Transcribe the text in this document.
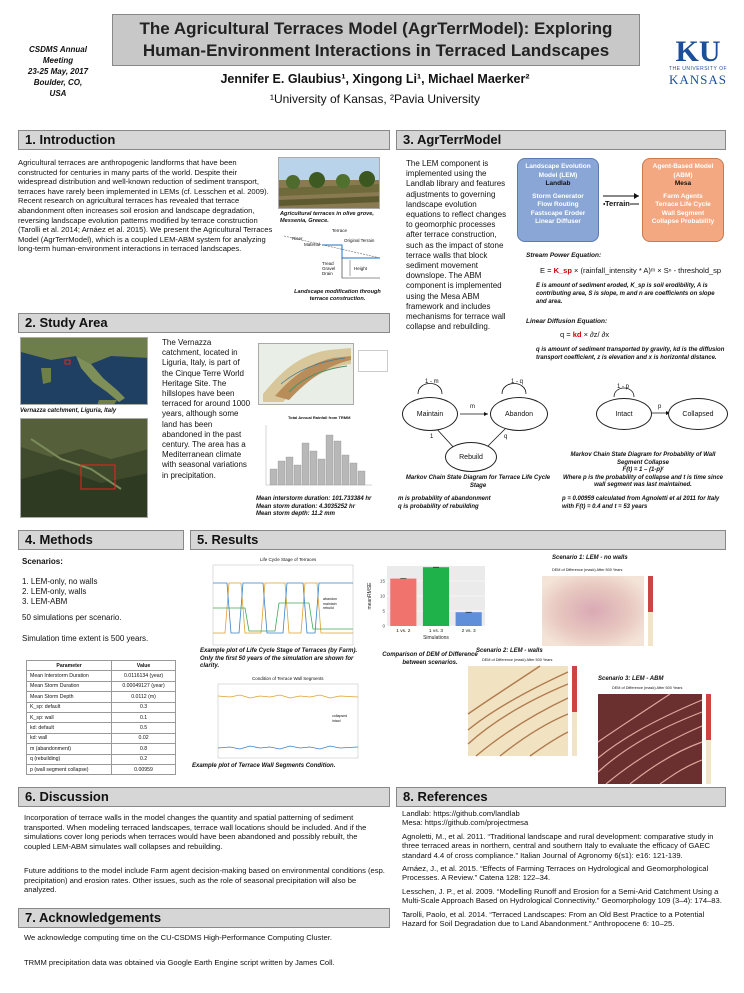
CSDMS Annual
Meeting
23-25 May, 2017
Boulder, CO,
USA
The Agricultural Terraces Model (AgrTerrModel): Exploring
Human-Environment Interactions in Terraced Landscapes
Jennifer E. Glaubius¹, Xingong Li¹, Michael Maerker²
¹University of Kansas, ²Pavia University
KU
THE UNIVERSITY OF
KANSAS
1. Introduction
Agricultural terraces are anthropogenic landforms that have been constructed for centuries in many parts of the world. Despite their widespread distribution and well-known reduction of sediment transport, terraces have rarely been implemented in LEMs (cf. Lesschen et al. 2009). Recent research on agricultural terraces has revealed that terrace abandonment often increases soil erosion and landscape degradation, reversing landscape evolution patterns modified by terrace construction (Tarolli et al. 2014; Arnáez et al. 2015). We present the Agricultural Terraces Model (AgrTerrModel), which is a coupled LEM-ABM system for analyzing long-term human-environment interactions in terraced landscapes.
Agricultural terraces in olive grove, Messenia, Greece.
Terrace
Riser	Original Terrain
Material
Tread
Gravel
Drain
Height
Landscape modification through terrace construction.
2. Study Area
Vernazza catchment, Liguria, Italy
The Vernazza catchment, located in Liguria, Italy, is part of the Cinque Terre World Heritage Site. The hillslopes have been terraced for around 1000 years, although some land has been abandoned in the past century. The area has a Mediterranean climate with seasonal variations in precipitation.
Total Annual Rainfall from TRMM
Mean interstorm duration: 101.733384 hr
Mean storm duration: 4.3035252 hr
Mean storm depth: 11.2 mm
3. AgrTerrModel
The LEM component is implemented using the Landlab library and features adjustments to governing landscape evolution equations to reflect changes to geomorphic processes after terrace construction, such as the impact of stone terrace walls that block sediment movement downslope. The ABM component is implemented using the Mesa ABM framework and includes mechanisms for terrace wall collapse and rebuilding.
Landscape Evolution Model (LEM)
Landlab
Storm Generator
Flow Routing
Fastscape Eroder
Linear Diffuser
Agent-Based Model (ABM)
Mesa
Farm Agents
Terrace Life Cycle
Wall Segment
Collapse Probability
Terrain
Stream Power Equation:
E = K_sp × (rainfall_intensity * A)ᵐ × Sⁿ - threshold_sp
E is amount of sediment eroded, K_sp is soil erodibility, A is contributing area, S is slope, m and n are coefficients on slope and area.
Linear Diffusion Equation:
q = kd × ∂z/ ∂x
q is amount of sediment transported by gravity, kd is the diffusion transport coefficient, z is elevation and x is horizontal distance.
Maintain	Abandon
Rebuild
1 - m	1 - q
m
1	q
Markov Chain State Diagram for Terrace Life Cycle Stage
m is probability of abandonment
q is probability of rebuilding
Intact	Collapsed
1 - p
p
Markov Chain State Diagram for Probability of Wall Segment Collapse
F(t) = 1 – (1-p)ᵗ
Where p is the probability of collapse and t is time since wall segment was last maintained.
p = 0.00959 calculated from Agnoletti et al 2011 for Italy with F(t) = 0.4 and t = 53 years
4. Methods
Scenarios:
1. LEM-only, no walls
2. LEM-only, walls
3. LEM-ABM
50 simulations per scenario.
Simulation time extent is 500 years.
Parameter	Value
Mean Interstorm Duration	0.0116134 (year)
Mean Storm Duration	0.00049127 (year)
Mean Storm Depth	0.0112 (m)
K_sp: default	0.3
K_sp: wall	0.1
kd: default	0.5
kd: wall	0.02
m (abandonment)	0.8
q (rebuilding)	0.2
p (wall segment collapse)	0.00959
5. Results
Life Cycle Stage of Terraces
abandon
maintain
rebuild
Example plot of Life Cycle Stage of Terraces (by Farm). Only the first 50 years of the simulation are shown for clarity.
Condition of Terrace Wall Segments
collapsed
intact
Example plot of Terrace Wall Segments Condition.
0
5
10
15
1 vs. 2	1 vs. 3	2 vs. 3
meanRMSE
Simulations
Comparison of DEM of Difference between scenarios.
Scenario 1: LEM - no walls
DEM of Difference (mask) After 500 Years
Scenario 2: LEM - walls
DEM of Difference (mask) After 500 Years
Scenario 3: LEM - ABM
DEM of Difference (mask) After 500 Years
6. Discussion
Incorporation of terrace walls in the model changes the quantity and spatial patterning of sediment transported. When modeling terraced landscapes, terrace wall locations should be included. And if the simulations cover long periods when terraces would have been abandoned and possibly rebuilt, the coupled LEM-ABM simulates wall collapses and rebuilding.
Future additions to the model include Farm agent decision-making based on environmental conditions (esp. precipitation) and erosion rates. Other issues, such as the role of seasonal precipitation will also be analyzed.
7. Acknowledgements
We acknowledge computing time on the CU-CSDMS High-Performance Computing Cluster.
TRMM precipitation data was obtained via Google Earth Engine script written by James Coll.
8. References
Landlab: https://github.com/landlab

Mesa: https://github.com/projectmesa

Agnoletti, M., et al. 2011. “Traditional landscape and rural development: comparative study in three terraced areas in northern, central and southern Italy to evaluate the efficacy of GAEC standard 4.4 of cross compliance.” Italian Journal of Agronomy 6(s1): e16: 121-139.

Arnáez, J., et al. 2015. “Effects of Farming Terraces on Hydrological and Geomorphological Processes. A Review.” Catena 128: 122–34.

Lesschen, J. P., et al. 2009. “Modelling Runoff and Erosion for a Semi-Arid Catchment Using a Multi-Scale Approach Based on Hydrological Connectivity.” Geomorphology 109 (3–4): 174–83.

Tarolli, Paolo, et al. 2014. “Terraced Landscapes: From an Old Best Practice to a Potential Hazard for Soil Degradation due to Land Abandonment.” Anthropocene 6: 10–25.
